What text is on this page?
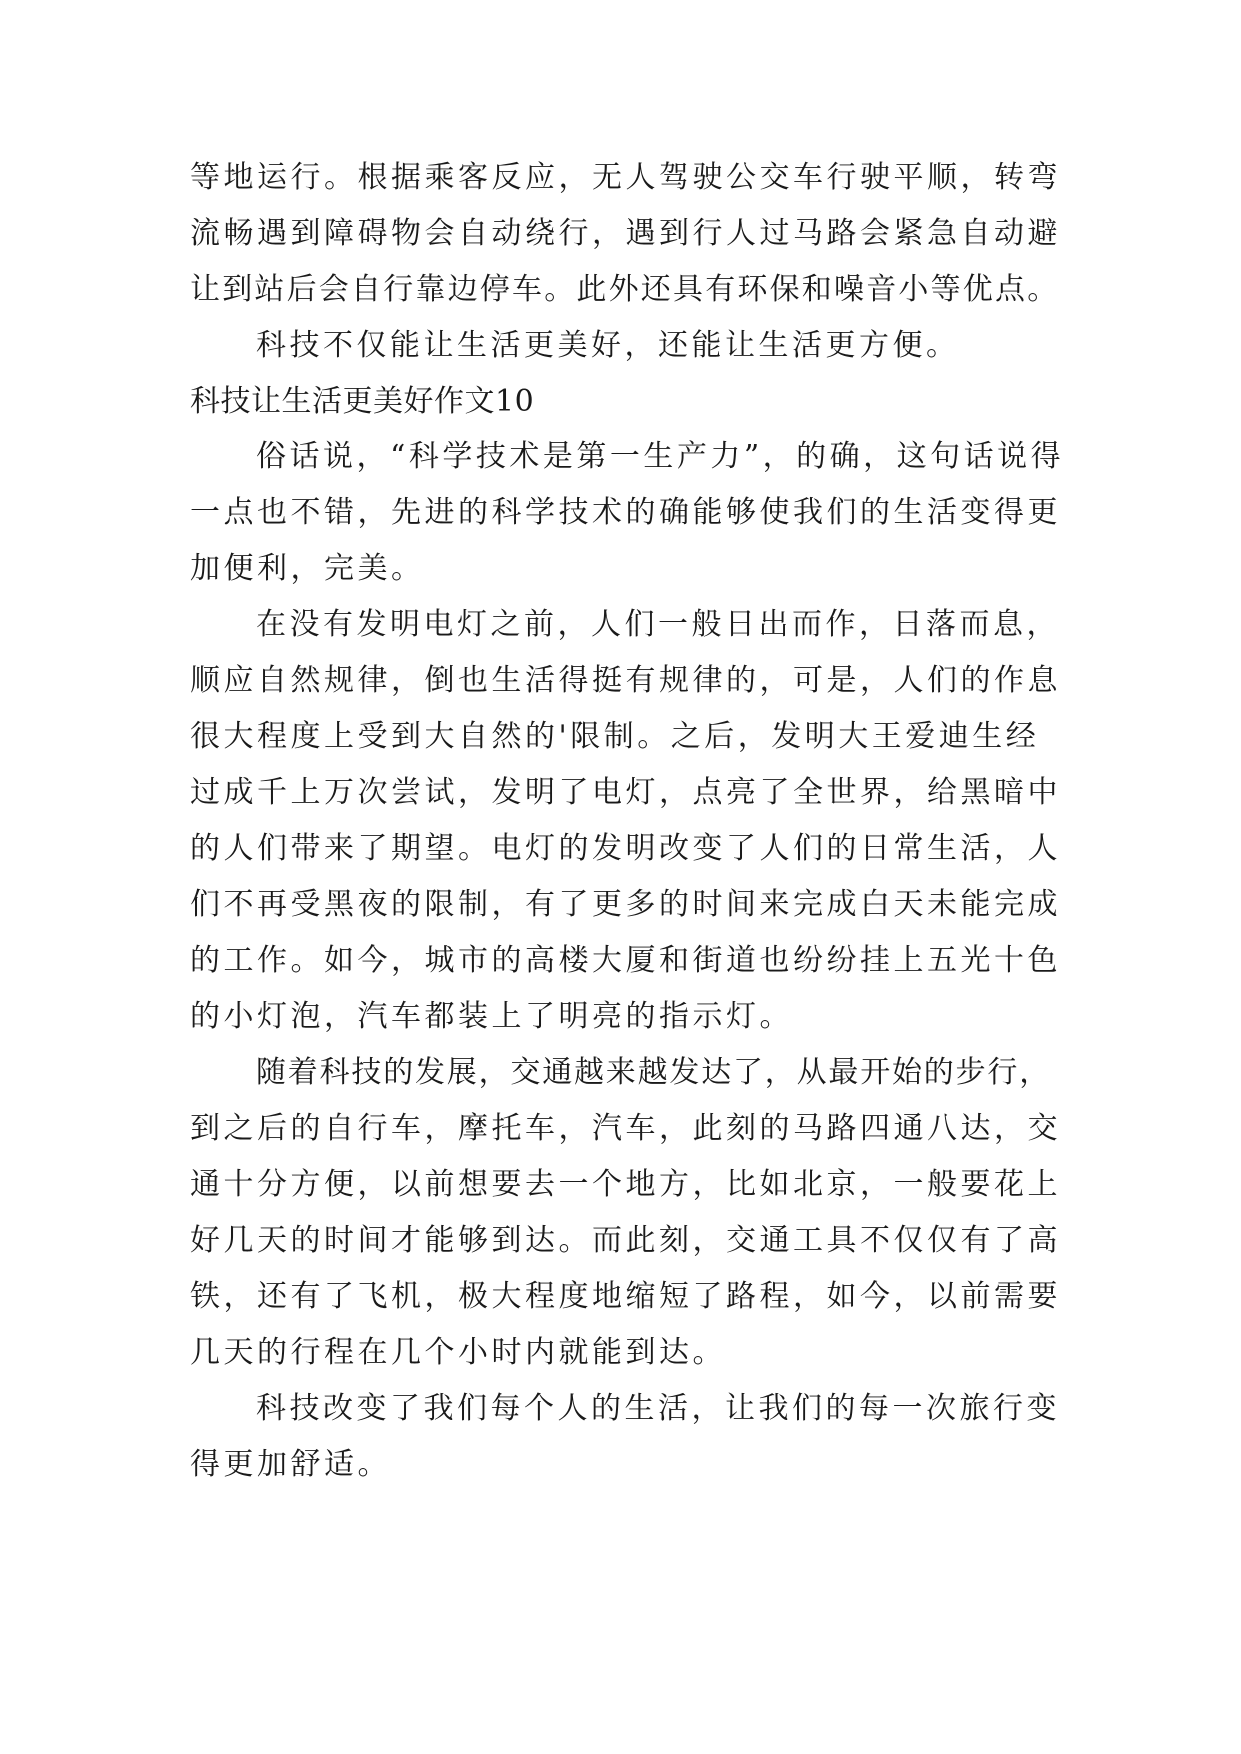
等地运行。根据乘客反应，无人驾驶公交车行驶平顺，转弯
流畅遇到障碍物会自动绕行，遇到行人过马路会紧急自动避
让到站后会自行靠边停车。此外还具有环保和噪音小等优点。
科技不仅能让生活更美好，还能让生活更方便。
科技让生活更美好作文10
俗话说，“科学技术是第一生产力”，的确，这句话说得
一点也不错，先进的科学技术的确能够使我们的生活变得更
加便利，完美。
在没有发明电灯之前，人们一般日出而作，日落而息，
顺应自然规律，倒也生活得挺有规律的，可是，人们的作息
很大程度上受到大自然的'限制。之后，发明大王爱迪生经
过成千上万次尝试，发明了电灯，点亮了全世界，给黑暗中
的人们带来了期望。电灯的发明改变了人们的日常生活，人
们不再受黑夜的限制，有了更多的时间来完成白天未能完成
的工作。如今，城市的高楼大厦和街道也纷纷挂上五光十色
的小灯泡，汽车都装上了明亮的指示灯。
随着科技的发展，交通越来越发达了，从最开始的步行，
到之后的自行车，摩托车，汽车，此刻的马路四通八达，交
通十分方便，以前想要去一个地方，比如北京，一般要花上
好几天的时间才能够到达。而此刻，交通工具不仅仅有了高
铁，还有了飞机，极大程度地缩短了路程，如今，以前需要
几天的行程在几个小时内就能到达。
科技改变了我们每个人的生活，让我们的每一次旅行变
得更加舒适。
